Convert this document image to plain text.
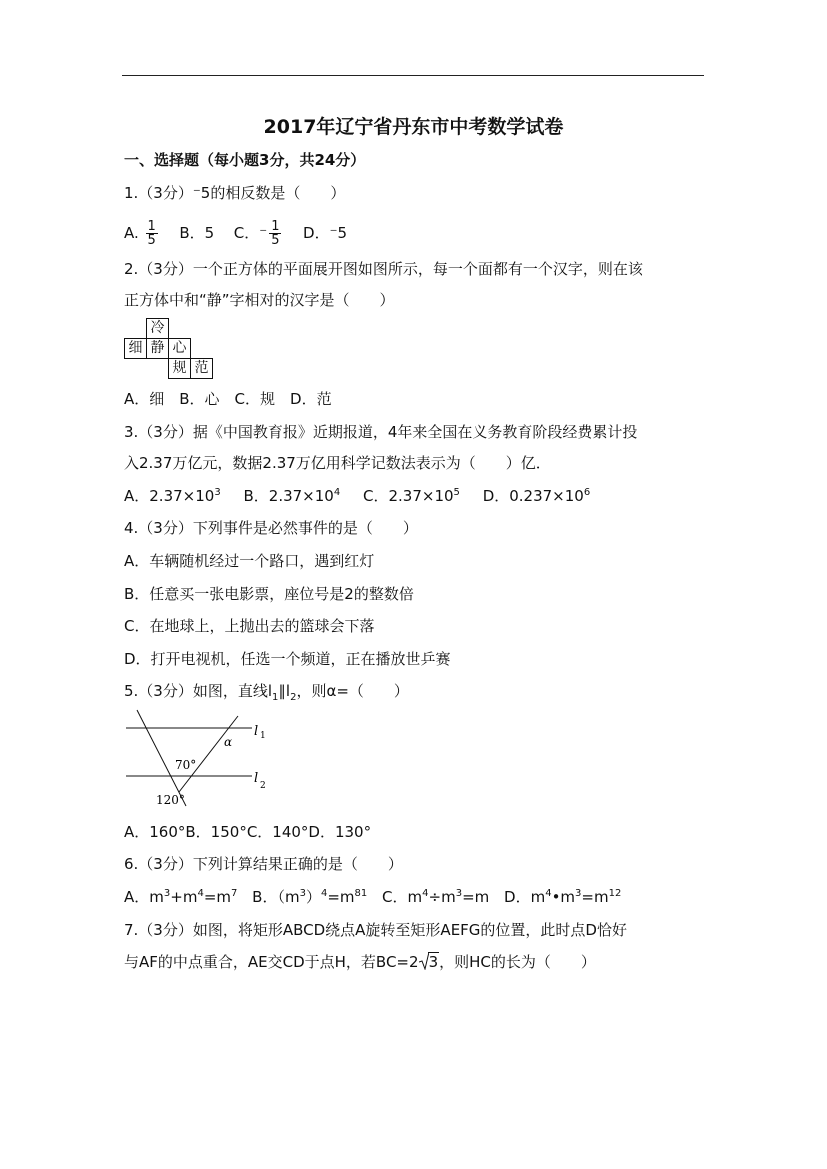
2017年辽宁省丹东市中考数学试卷
一、选择题（每小题3分，共24分）
1.（3分）⁻5的相反数是（　　）
A. $\frac{1}{5}$ B．5 C．⁻ $\frac{1}{5}$ D．⁻5
2.（3分）一个正方体的平面展开图如图所示，每一个面都有一个汉字，则在该
正方体中和“静”字相对的汉字是（　　）
冷
细 静 心
规 范
A．细　B．心　C．规　D．范
3.（3分）据《中国教育报》近期报道，4年来全国在义务教育阶段经费累计投
入2.37万亿元，数据2.37万亿用科学记数法表示为（　　）亿．
A．$2.37\times 10^3$ B．$2.37\times 10^4$ C．$2.37\times 10^5$ D．$0.237\times 10^6$
4.（3分）下列事件是必然事件的是（　　）
A．车辆随机经过一个路口，遇到红灯
B．任意买一张电影票，座位号是2的整数倍
C．在地球上，上抛出去的篮球会下落
D．打开电视机，任选一个频道，正在播放世乒赛
5.（3分）如图，直线$l_1\parallel l_2$，则α=（　　）
α
70°
120°
l 1
l 2
A．160°B．150°C．140°D．130°
6.（3分）下列计算结果正确的是（　　）
A．$m^3+m^4=m^7$ B．$(m^3)^4=m^{81}$ C．$m^4\div m^3=m$ D．$m^4•m^3=m^{12}$
7.（3分）如图，将矩形ABCD绕点A旋转至矩形AEFG的位置，此时点D恰好
与AF的中点重合，AE交CD于点H，若BC=2 3，则HC的长为（　　）
